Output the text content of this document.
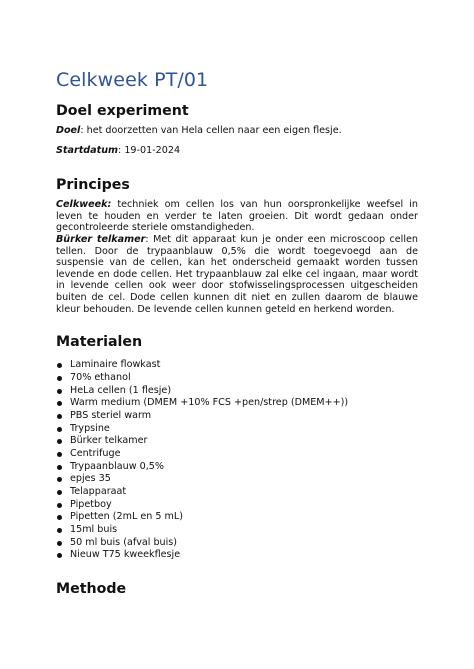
Celkweek PT/01
Doel experiment

Doel: het doorzetten van Hela cellen naar een eigen flesje.

Startdatum: 19-01-2024

Principes

Celkweek: techniek om cellen los van hun oorspronkelijke weefsel in leven te houden en verder te laten groeien. Dit wordt gedaan onder gecontroleerde steriele omstandigheden.

Bürker telkamer: Met dit apparaat kun je onder een microscoop cellen tellen. Door de trypaanblauw 0,5% die wordt toegevoegd aan de suspensie van de cellen, kan het onderscheid gemaakt worden tussen levende en dode cellen. Het trypaanblauw zal elke cel ingaan, maar wordt in levende cellen ook weer door stofwisselingsprocessen uitgescheiden buiten de cel. Dode cellen kunnen dit niet en zullen daarom de blauwe kleur behouden. De levende cellen kunnen geteld en herkend worden.

Materialen
Laminaire flowkast
70% ethanol
HeLa cellen (1 flesje)
Warm medium (DMEM +10% FCS +pen/strep (DMEM++))
PBS steriel warm
Trypsine
Bürker telkamer
Centrifuge
Trypaanblauw 0,5%
epjes 35
Telapparaat
Pipetboy
Pipetten (2mL en 5 mL)
15ml buis
50 ml buis (afval buis)
Nieuw T75 kweekflesje
Methode
